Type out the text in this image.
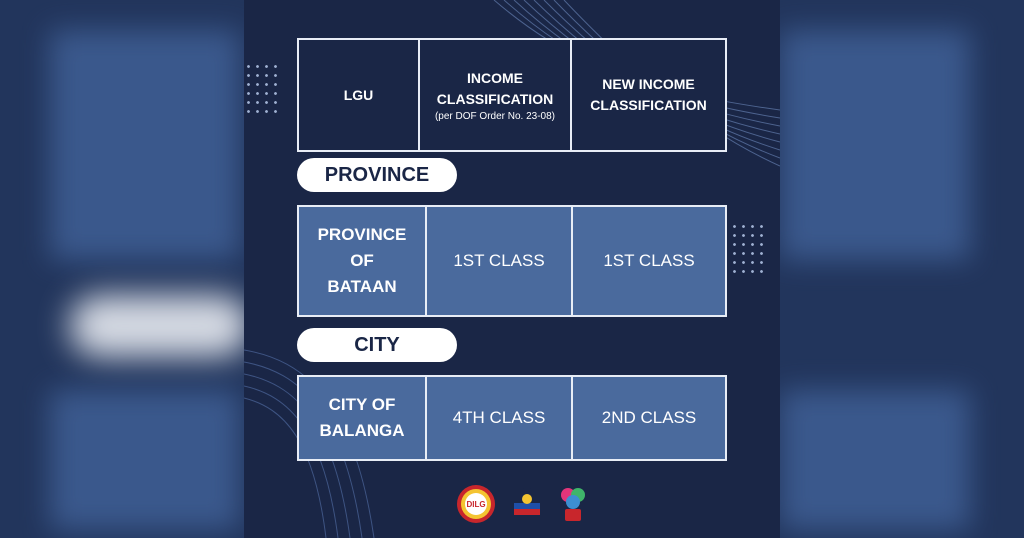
LGU
INCOME
CLASSIFICATION
(per DOF Order No. 23-08)
NEW INCOME
CLASSIFICATION
PROVINCE
PROVINCE
OF
BATAAN
1ST CLASS	1ST CLASS
CITY
CITY OF
BALANGA
4TH CLASS	2ND CLASS
DILG
